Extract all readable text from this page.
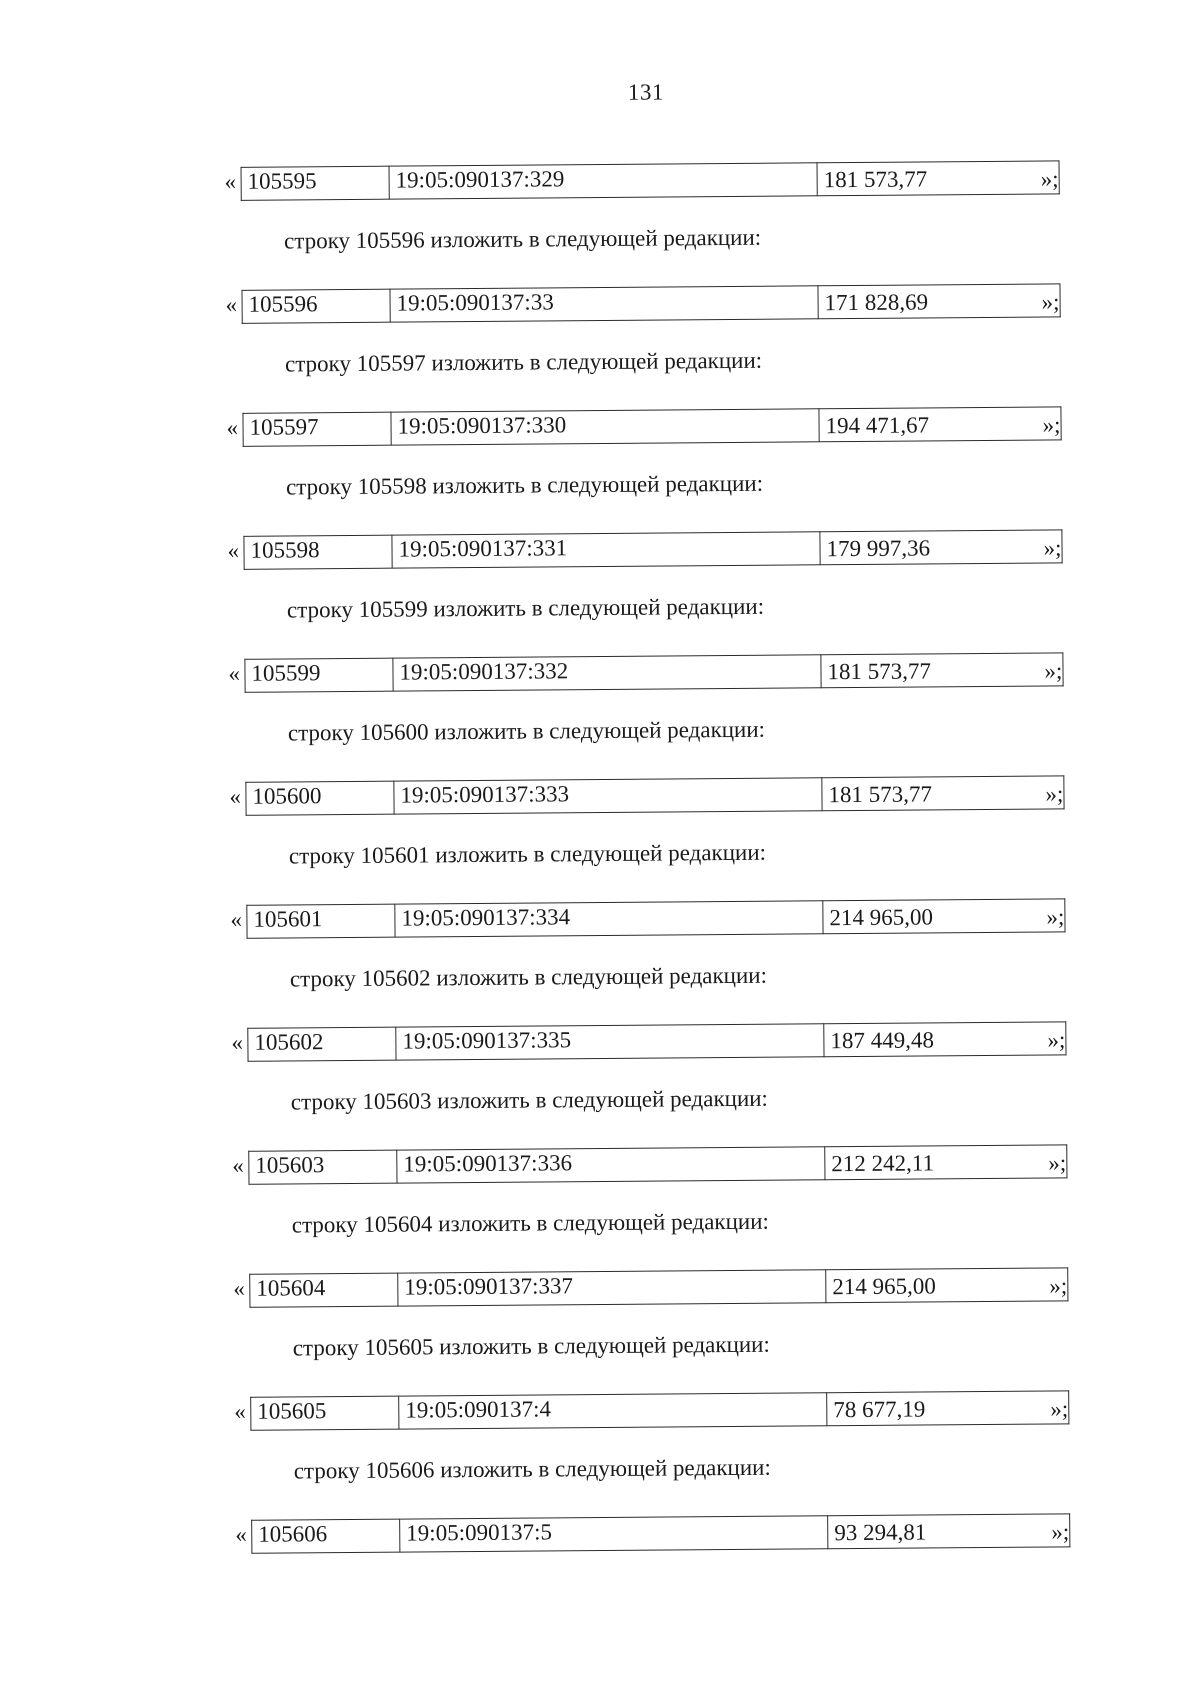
131
« 105595	19:05:090137:329	181 573,77	»;
строку 105596 изложить в следующей редакции:
« 105596	19:05:090137:33	171 828,69	»;
строку 105597 изложить в следующей редакции:
« 105597	19:05:090137:330	194 471,67	»;
строку 105598 изложить в следующей редакции:
« 105598	19:05:090137:331	179 997,36	»;
строку 105599 изложить в следующей редакции:
« 105599	19:05:090137:332	181 573,77	»;
строку 105600 изложить в следующей редакции:
« 105600	19:05:090137:333	181 573,77	»;
строку 105601 изложить в следующей редакции:
« 105601	19:05:090137:334	214 965,00	»;
строку 105602 изложить в следующей редакции:
« 105602	19:05:090137:335	187 449,48	»;
строку 105603 изложить в следующей редакции:
« 105603	19:05:090137:336	212 242,11	»;
строку 105604 изложить в следующей редакции:
« 105604	19:05:090137:337	214 965,00	»;
строку 105605 изложить в следующей редакции:
« 105605	19:05:090137:4	78 677,19	»;
строку 105606 изложить в следующей редакции:
« 105606	19:05:090137:5	93 294,81	»;
